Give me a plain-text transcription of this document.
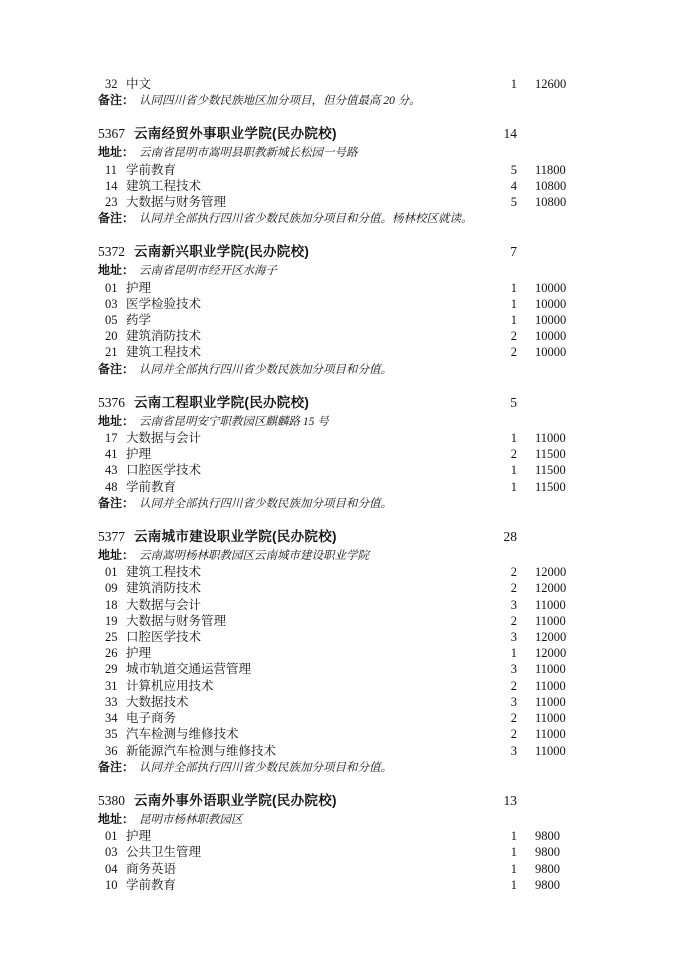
32 中文	1 12600
备注： 认同四川省少数民族地区加分项目，但分值最高 20 分。
5367 云南经贸外事职业学院(民办院校)	14
地址： 云南省昆明市嵩明县职教新城长松园一号路
11 学前教育	5 11800
14 建筑工程技术	4 10800
23 大数据与财务管理	5 10800
备注： 认同并全部执行四川省少数民族加分项目和分值。杨林校区就读。
5372 云南新兴职业学院(民办院校)	7
地址： 云南省昆明市经开区水海子
01 护理	1 10000
03 医学检验技术	1 10000
05 药学	1 10000
20 建筑消防技术	2 10000
21 建筑工程技术	2 10000
备注： 认同并全部执行四川省少数民族加分项目和分值。
5376 云南工程职业学院(民办院校)	5
地址： 云南省昆明安宁职教园区麒麟路 15 号
17 大数据与会计	1 11000
41 护理	2 11500
43 口腔医学技术	1 11500
48 学前教育	1 11500
备注： 认同并全部执行四川省少数民族加分项目和分值。
5377 云南城市建设职业学院(民办院校)	28
地址： 云南嵩明杨林职教园区云南城市建设职业学院
01 建筑工程技术	2 12000
09 建筑消防技术	2 12000
18 大数据与会计	3 11000
19 大数据与财务管理	2 11000
25 口腔医学技术	3 12000
26 护理	1 12000
29 城市轨道交通运营管理	3 11000
31 计算机应用技术	2 11000
33 大数据技术	3 11000
34 电子商务	2 11000
35 汽车检测与维修技术	2 11000
36 新能源汽车检测与维修技术	3 11000
备注： 认同并全部执行四川省少数民族加分项目和分值。
5380 云南外事外语职业学院(民办院校)	13
地址： 昆明市杨林职教园区
01 护理	1 9800
03 公共卫生管理	1 9800
04 商务英语	1 9800
10 学前教育	1 9800
